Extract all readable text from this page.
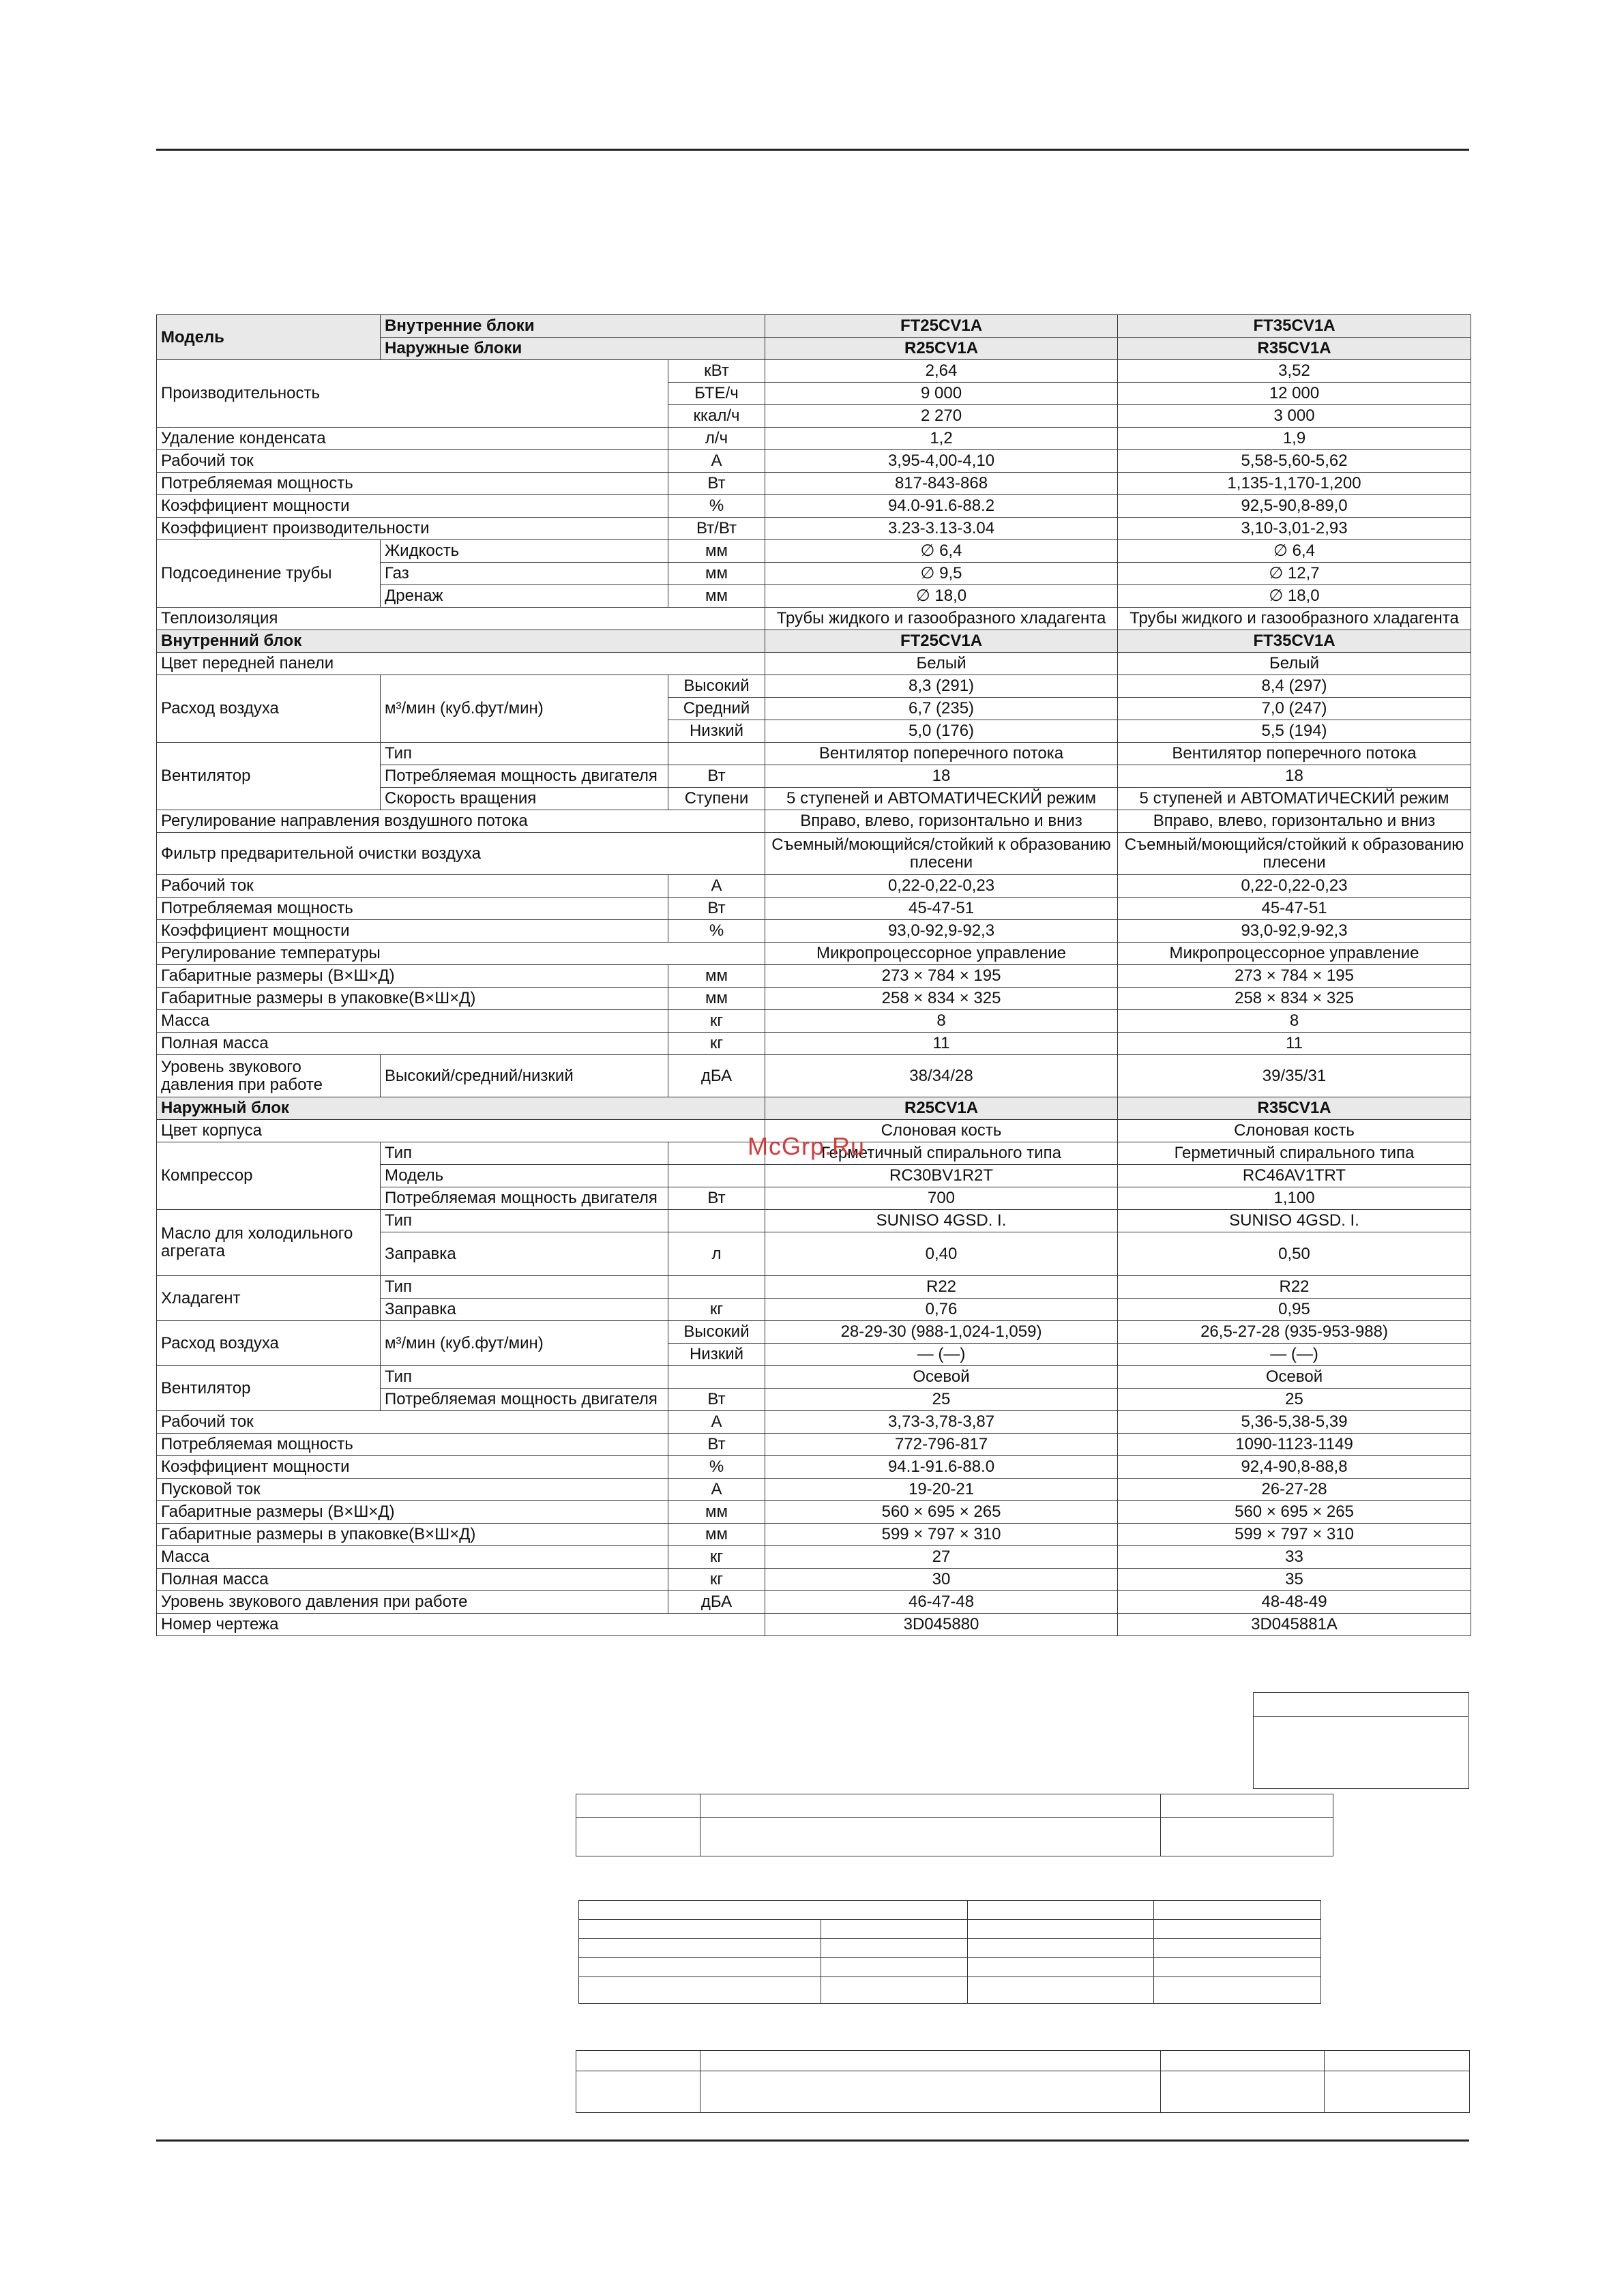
Модель	Внутренние блоки		FT25CV1A	FT35CV1A
	Наружные блоки		R25CV1A	R35CV1A
Производительность		кВт	2,64	3,52
		БТЕ/ч	9 000	12 000
		ккал/ч	2 270	3 000
Удаление конденсата		л/ч	1,2	1,9
Рабочий ток		А	3,95-4,00-4,10	5,58-5,60-5,62
Потребляемая мощность		Вт	817-843-868	1,135-1,170-1,200
Коэффициент мощности		%	94.0-91.6-88.2	92,5-90,8-89,0
Коэффициент производительности		Вт/Вт	3.23-3.13-3.04	3,10-3,01-2,93
Подсоединение трубы	Жидкость	мм	∅ 6,4	∅ 6,4
	Газ	мм	∅ 9,5	∅ 12,7
	Дренаж	мм	∅ 18,0	∅ 18,0
Теплоизоляция			Трубы жидкого и газообразного хладагента	Трубы жидкого и газообразного хладагента
Внутренний блок			FT25CV1A	FT35CV1A
Цвет передней панели			Белый	Белый
Расход воздуха	м³/мин (куб.фут/мин)	Высокий	8,3 (291)	8,4 (297)
		Средний	6,7 (235)	7,0 (247)
		Низкий	5,0 (176)	5,5 (194)
Вентилятор	Тип		Вентилятор поперечного потока	Вентилятор поперечного потока
	Потребляемая мощность двигателя	Вт	18	18
	Скорость вращения	Ступени	5 ступеней и АВТОМАТИЧЕСКИЙ режим	5 ступеней и АВТОМАТИЧЕСКИЙ режим
Регулирование направления воздушного потока			Вправо, влево, горизонтально и вниз	Вправо, влево, горизонтально и вниз
Фильтр предварительной очистки воздуха			Съемный/моющийся/стойкий к образованию плесени	Съемный/моющийся/стойкий к образованию плесени
Рабочий ток		А	0,22-0,22-0,23	0,22-0,22-0,23
Потребляемая мощность		Вт	45-47-51	45-47-51
Коэффициент мощности		%	93,0-92,9-92,3	93,0-92,9-92,3
Регулирование температуры			Микропроцессорное управление	Микропроцессорное управление
Габаритные размеры (В×Ш×Д)		мм	273 × 784 × 195	273 × 784 × 195
Габаритные размеры в упаковке(В×Ш×Д)		мм	258 × 834 × 325	258 × 834 × 325
Масса		кг	8	8
Полная масса		кг	11	11
Уровень звукового давления при работе	Высокий/средний/низкий	дБА	38/34/28	39/35/31
Наружный блок			R25CV1A	R35CV1A
Цвет корпуса			Слоновая кость	Слоновая кость
Компрессор	Тип		Герметичный спирального типа	Герметичный спирального типа
	Модель		RC30BV1R2T	RC46AV1TRT
	Потребляемая мощность двигателя	Вт	700	1,100
Масло для холодильного агрегата	Тип		SUNISO 4GSD. I.	SUNISO 4GSD. I.
	Заправка	л	0,40	0,50
Хладагент	Тип		R22	R22
	Заправка	кг	0,76	0,95
Расход воздуха	м³/мин (куб.фут/мин)	Высокий	28-29-30 (988-1,024-1,059)	26,5-27-28 (935-953-988)
		Низкий	— (—)	— (—)
Вентилятор	Тип		Осевой	Осевой
	Потребляемая мощность двигателя	Вт	25	25
Рабочий ток		А	3,73-3,78-3,87	5,36-5,38-5,39
Потребляемая мощность		Вт	772-796-817	1090-1123-1149
Коэффициент мощности		%	94.1-91.6-88.0	92,4-90,8-88,8
Пусковой ток		А	19-20-21	26-27-28
Габаритные размеры (В×Ш×Д)		мм	560 × 695 × 265	560 × 695 × 265
Габаритные размеры в упаковке(В×Ш×Д)		мм	599 × 797 × 310	599 × 797 × 310
Масса		кг	27	33
Полная масса		кг	30	35
Уровень звукового давления при работе		дБА	46-47-48	48-48-49
Номер чертежа			3D045880	3D045881A
McGrp.Ru
